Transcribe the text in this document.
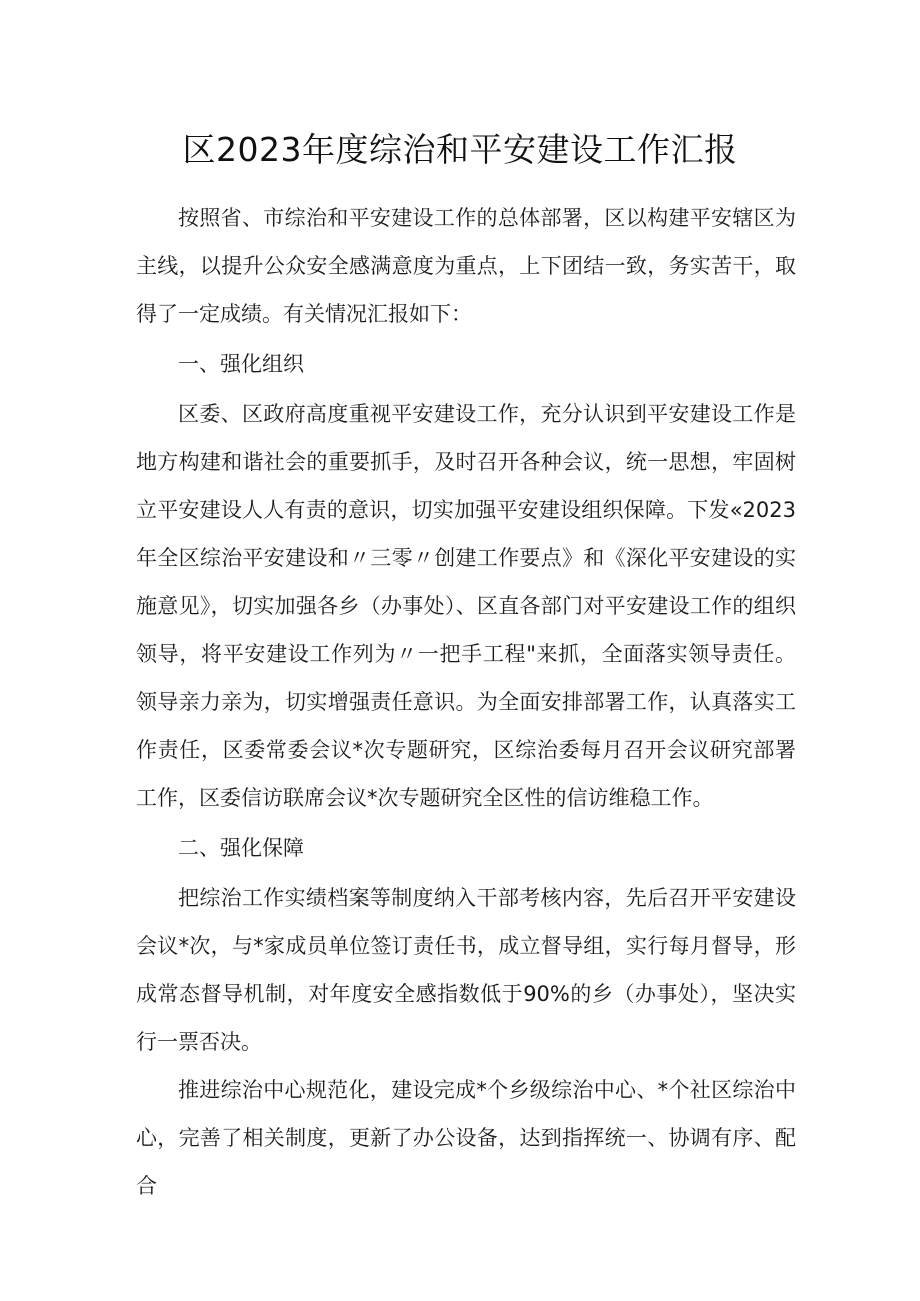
区2023年度综治和平安建设工作汇报

按照省、市综治和平安建设工作的总体部署，区以构建平安辖区为主线，以提升公众安全感满意度为重点，上下团结一致，务实苦干，取得了一定成绩。有关情况汇报如下：

一、强化组织

区委、区政府高度重视平安建设工作，充分认识到平安建设工作是地方构建和谐社会的重要抓手，及时召开各种会议，统一思想，牢固树立平安建设人人有责的意识，切实加强平安建设组织保障。下发«2023年全区综治平安建设和〃三零〃创建工作要点》和《深化平安建设的实施意见》，切实加强各乡（办事处）、区直各部门对平安建设工作的组织领导，将平安建设工作列为〃一把手工程"来抓，全面落实领导责任。领导亲力亲为，切实增强责任意识。为全面安排部署工作，认真落实工作责任，区委常委会议*次专题研究，区综治委每月召开会议研究部署工作，区委信访联席会议*次专题研究全区性的信访维稳工作。

二、强化保障

把综治工作实绩档案等制度纳入干部考核内容，先后召开平安建设会议*次，与*家成员单位签订责任书，成立督导组，实行每月督导，形成常态督导机制，对年度安全感指数低于90%的乡（办事处），坚决实行一票否决。

推进综治中心规范化，建设完成*个乡级综治中心、*个社区综治中心，完善了相关制度，更新了办公设备，达到指挥统一、协调有序、配合
